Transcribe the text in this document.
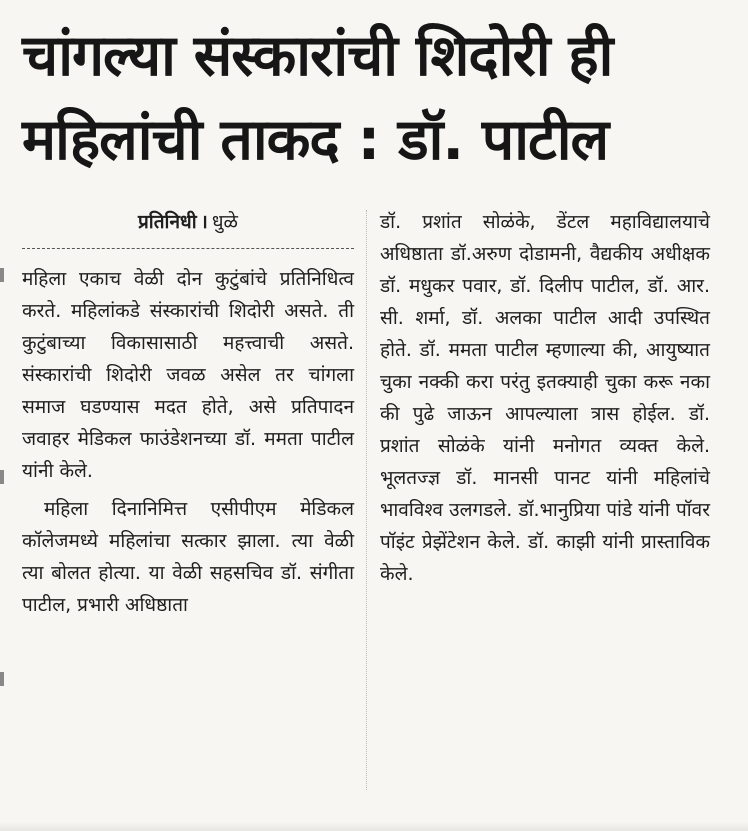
चांगल्या संस्कारांची शिदोरी ही
महिलांची ताकद : डॉ. पाटील
प्रतिनिधी । धुळे

महिला एकाच वेळी दोन कुटुंबांचे प्रतिनिधित्व करते. महिलांकडे संस्कारांची शिदोरी असते. ती कुटुंबाच्या विकासासाठी महत्त्वाची असते. संस्कारांची शिदोरी जवळ असेल तर चांगला समाज घडण्यास मदत होते, असे प्रतिपादन जवाहर मेडिकल फाउंडेशनच्या डॉ. ममता पाटील यांनी केले.

महिला दिनानिमित्त एसीपीएम मेडिकल कॉलेजमध्ये महिलांचा सत्कार झाला. त्या वेळी त्या बोलत होत्या. या वेळी सहसचिव डॉ. संगीता पाटील, प्रभारी अधिष्ठाता

डॉ. प्रशांत सोळंके, डेंटल महाविद्यालयाचे अधिष्ठाता डॉ.अरुण दोडामनी, वैद्यकीय अधीक्षक डॉ. मधुकर पवार, डॉ. दिलीप पाटील, डॉ. आर. सी. शर्मा, डॉ. अलका पाटील आदी उपस्थित होते. डॉ. ममता पाटील म्हणाल्या की, आयुष्यात चुका नक्की करा परंतु इतक्याही चुका करू नका की पुढे जाऊन आपल्याला त्रास होईल. डॉ. प्रशांत सोळंके यांनी मनोगत व्यक्त केले. भूलतज्ज्ञ डॉ. मानसी पानट यांनी महिलांचे भावविश्व उलगडले. डॉ.भानुप्रिया पांडे यांनी पॉवर पॉइंट प्रेझेंटेशन केले. डॉ. काझी यांनी प्रास्ताविक केले.
